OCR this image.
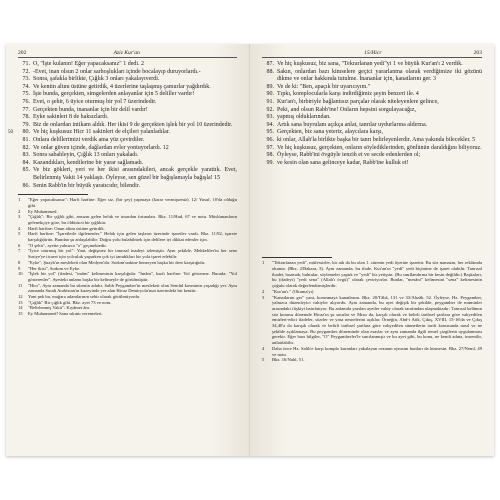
202	Aziz Kur'an
71. O, "İşte kulanın! Eğer yapacaksanız" 1 dedi. 2
72. -Evet, inan olsun 2 onlar sarhoşlukları içinde bocalayıp duruyorlardı.-
73. Sonra, şafakla birlikte, Çığlık 3 onları yakalayıverdi.
74. Ve kentin altını üstüne getirdik, 4 üzerlerine taşlaşmış çamurlar yağdırdık.
75. İşte bunda, gerçekten, simgelerden anlayanlar için 5 deliller vardır!
76. Evet, o şehir, 6 üyice oturmuş bir yol 7 üzerindedir.
77. Gerçekten bunda, inananlar için bir delil vardır!
78. Eyke sakinleri 8 de haksızlardı.
79. Biz de onlardan intikam aldık. Her ikisi 9 de gerçekten işlek bir yol 10 üzerindedir.
50	80. Ve hiç kuşkusuz Hicr 11 sakinleri de elçileri yalanladılar.
81. Onlara delillerimizi verdik ama yüz çevirdiler.
82. Ve onlar güven içinde, dağlardan evler yontuyorlardı. 12
83. Sonra sabahleyin, Çığlık 13 onları yakaladı.
84. Kazandıkları, kendilerine bir yarar sağlamadı.
85. Ve biz gökleri, yeri ve her ikisi arasındakileri, ancak gerçekle yarattık. Evet, Belirlenmiş Vakit 14 yaklaştı. Öyleyse, sen güzel bir bağışlamayla bağışla! 15
86. Senin Rabb'in bir büyük yaratıcıdır, bilendir.
1	"Eğer yapacaksanız": Harfi harfine: Eğer siz, (bir şey) yapmaya (karar vermişseniz). 12/ Yusuf, 10'da olduğu gibi.
2	Ey Muhammed.
3	"Çığlık": Bir çığlık gibi, ansızın gelen helak ve imardan fırtınaları. Bkz. 11/Hud, 67 ve notu. Müslümanların gelenekçiye göre, bu öldürücü bir çığlıktır.
4	Harfi harfine: Onun altını üstüne getirdik.
5	Harfi harfine: "İşaretlerle ilgilenenler." Helak için gelen taşların üzerinde işaretler vardı. Bkz. 11/82, işarete karşılığı|ürün. Bundan şu anlaşılabilir: Doğru yolu bulabilmek için delilere iyi dikkat edenler için.
6	"O şehir", ayette yalnızca "o" geçmektedir.
7	"İyice oturmuş bir yol": Yani, değişmez bir tanrısal inadeyi izlemiştir. Aynı şekilde, Mekkeliler'in her sene Suriye'ye ticaret için yolculuk yaparken çok iyi tanıdıkları bir yola işaret edebilir.
8	"Eyke", Şuayb'ın mesleketi olan Medyen'dir. Sodom'unkine benzeyen başka bir dere karşıtığıdır.
9	"Her ikisi", Sodom ve Eyke.
10	"İşlek bir yol" (ifadesi, "imâm" kelimesinin karşılığıdır. "İmâm", harfi harfine: Yol gösterme. Burada: "Yol gösterenler". Ayetteki anlamı başka bir kelimeyle de görülmüştür.
11	"Hicr", Aynı zamanda bu sûrenin adıdır. Salih Peygamber'in mesleketi olan Semûd kavminin yaşadığı yer. Aynı zamanda Suudi Arabistan'ın kuzeyinde yer alan Hicaz Demiryolu'nun üzerindeki bir kenttir.
12	Yani pek bu, mağara adamlarının sehir olarak görülmüyordu.
13	"Çığlık" Bir çığlık gibi. Bkz. ayet 73 ve notu.
14	"Belirlenmiş Vakit": Kıyâmet ânı.
15	Ey Muhammed! Sana sıkıntı veremeleri.
15/Hicr	203
87. Ve hiç kuşkusuz, biz sana, "Tekrarlanan yedi"yi 1 ve büyük Kur'an'ı 2 verdik.
88. Sakın, onlardan bazı kimselere geçici yararlanma olarak verdiğimize iki gözünü dikme ve onlar hakkında tutulme. İnananlar için, kanatlarını ger. 3
89. Ve de ki: "Ben, apaçık bir uyarıcıyım."
90. Tıpkı, komplocularla karşı indirdiğimiz şeyin benzeri ile. 4
91. Kur'an'ı, birbiriyle bağlantısız parçalar olarak niteleyenlere gelince,
92. Peki, and olsun Rabb'ine! Onların hepsini sorgulayacağız,
93. yapmış olduklarından.
94. Artık sana buyrulanı açıkça anlat, tanrılar uydurlarına aldırma.
95. Gerçekten, biz sana yeteriz, alaycılara karşı,
96. ki onlar, Allah'la birlikte başka bir tanrı belirleyenlerdir. Ama yakında bilecekler. 5
97. Ve hiç kuşkusuz, gerçekten, onların söylediklerinden, gönlünün daraldığını biliyoruz.
98. Öyleyse, Rabb'ini övgüyle tenzih et ve secde edenlerden ol;
99. ve kesin olan sana gelinceye kadar, Rabb'ine kulluk et!
1	"Tekrarlanan yedi", müfessirler, bir adı da bu olan 1. sürenin yedi âyetine işarettir. Bu söz namazın, her rekâtında okunur. (Bkz. 2/Bakara, 3). Aynı zamanda, bu ifade, Kur'an'ın "yedi" yedi biçimine de işaret olabilir. Tanrısal ibadet, bozmak, buhtular, söylemeler yaptık ve "yedi" bir yetişsin. (Bu sınıflandırma bir kesin değildir.) Başkaları, bu (ifadeyi) "yedi sena" (Allah'ı övgü)" olarak çeviriyorlar. Bunlar, "mesâni" kelimesini "sena" kelimesinin çoğulu olarak değerlendirmişlerdir.
2	"Kur'an'ı." (Okuma'yı)
3	"Kanatlarını ger" yani, korunmaya kanatlarını. Bkz. 20/Tâhâ, 131 ve 33/Ahzâb, 52. Öyleyse, Hz. Peygamber, yalnızca düzenleyici vahiyler alıyordu. Aynı zamanda, bu ayet değişik bir şekilde, peygamber ile müminler arasındaki ilişkiyi hatırlatıyor. Bu anlamda yazılan ayetler vahiy olarak tarafından ulaşmaktadır: Tanrısal kelâmın söz konusu dönemde Hicaz'ın şu sınırlar ve Mısır da, karşılı olarak ve belirli tarihsel şartlara göre vahyedilen emirleri-edici ifadeler, sözrler ve yasa nesnelerini açıklar. Örneğin, Abd-i Atik, Çıkış, XVIII, 15-16'da ve Çıkış 34,40'a da karışık olarak ve belirli tarihsel şartlara göre vahyedilen sünnetlerin tarifi konusunda nasıl ve ne şekilde açıklamaya. Bu peygamber döneminde olan esaslar ve aynı zamanda ilgili temel çizgilerin uygulanması gerekir. Eğer bazı bilgiler, "O" Peygamberler'le sınırlanmıştı ve bu ayet gibi, bu konu, ne kendi adına, imrenilir, anlatılabilir.
4	Daha önce Hz. Salih'e karşı komplo kuranları yakalayan cezanın aynısını bunları da kimsesin. Bkz. 27/Neml, 49 ve notu.
5	Bkz. 16/Nahl, 51.
